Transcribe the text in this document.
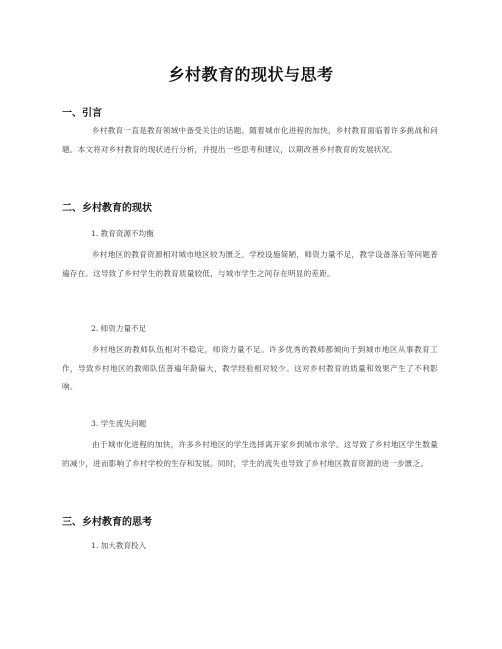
乡村教育的现状与思考
一、引言
乡村教育一直是教育领域中备受关注的话题。随着城市化进程的加快，乡村教育面临着许多挑战和问题。本文将对乡村教育的现状进行分析，并提出一些思考和建议，以期改善乡村教育的发展状况。
二、乡村教育的现状
1. 教育资源不均衡
乡村地区的教育资源相对城市地区较为匮乏。学校设施简陋，师资力量不足，教学设备落后等问题普遍存在。这导致了乡村学生的教育质量较低，与城市学生之间存在明显的差距。
2. 师资力量不足
乡村地区的教师队伍相对不稳定，师资力量不足。许多优秀的教师都倾向于到城市地区从事教育工作，导致乡村地区的教师队伍普遍年龄偏大，教学经验相对较少。这对乡村教育的质量和效果产生了不利影响。
3. 学生流失问题
由于城市化进程的加快，许多乡村地区的学生选择离开家乡到城市求学。这导致了乡村地区学生数量的减少，进而影响了乡村学校的生存和发展。同时，学生的流失也导致了乡村地区教育资源的进一步匮乏。
三、乡村教育的思考
1. 加大教育投入
